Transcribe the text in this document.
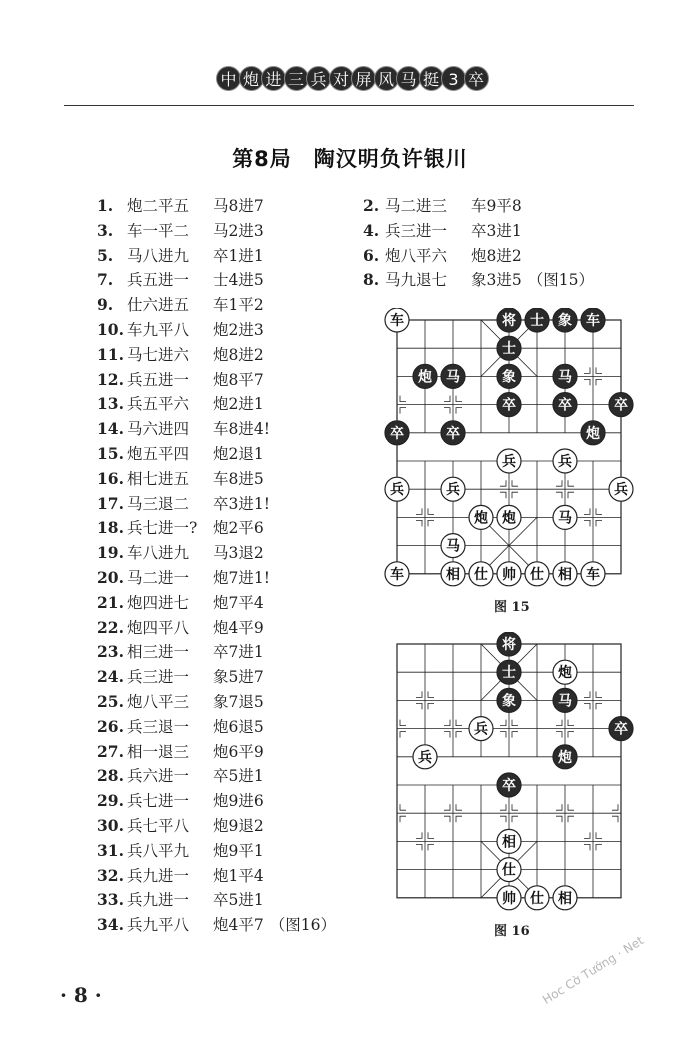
中 炮 进 三 兵 对 屏 风 马 挺 3 卒
第8局　陶汉明负许银川
1. 炮二平五 马8进7
3. 车一平二 马2进3
5. 马八进九 卒1进1
7. 兵五进一 士4进5
9. 仕六进五 车1平2
10. 车九平八 炮2进3
11. 马七进六 炮8进2
12. 兵五进一 炮8平7
13. 兵五平六 炮2进1
14. 马六进四 车8进4!
15. 炮五平四 炮2退1
16. 相七进五 车8进5
17. 马三退二 卒3进1!
18. 兵七进一? 炮2平6
19. 车八进九 马3退2
20. 马二进一 炮7进1!
21. 炮四进七 炮7平4
22. 炮四平八 炮4平9
23. 相三进一 卒7进1
24. 兵三进一 象5进7
25. 炮八平三 象7退5
26. 兵三退一 炮6退5
27. 相一退三 炮6平9
28. 兵六进一 卒5进1
29. 兵七进一 炮9进6
30. 兵七平八 炮9退2
31. 兵八平九 炮9平1
32. 兵九进一 炮1平4
33. 兵九进一 卒5进1
34. 兵九平八 炮4平7 （图16）
2. 马二进三 车9平8
4. 兵三进一 卒3进1
6. 炮八平六 炮8进2
8. 马九退七 象3进5 （图15）
车	将 士 象 车
士
炮 马	象	马
卒	卒	卒
卒	卒	炮
兵	兵
兵	兵	兵
炮 炮	马
马
车	相 仕 帅 仕 相 车
图 15
将
士	炮
象	马
兵	卒
兵	炮
卒
相
仕
帅 仕 相
图 16
· 8 ·	Hoc Cờ Tướng · Net
